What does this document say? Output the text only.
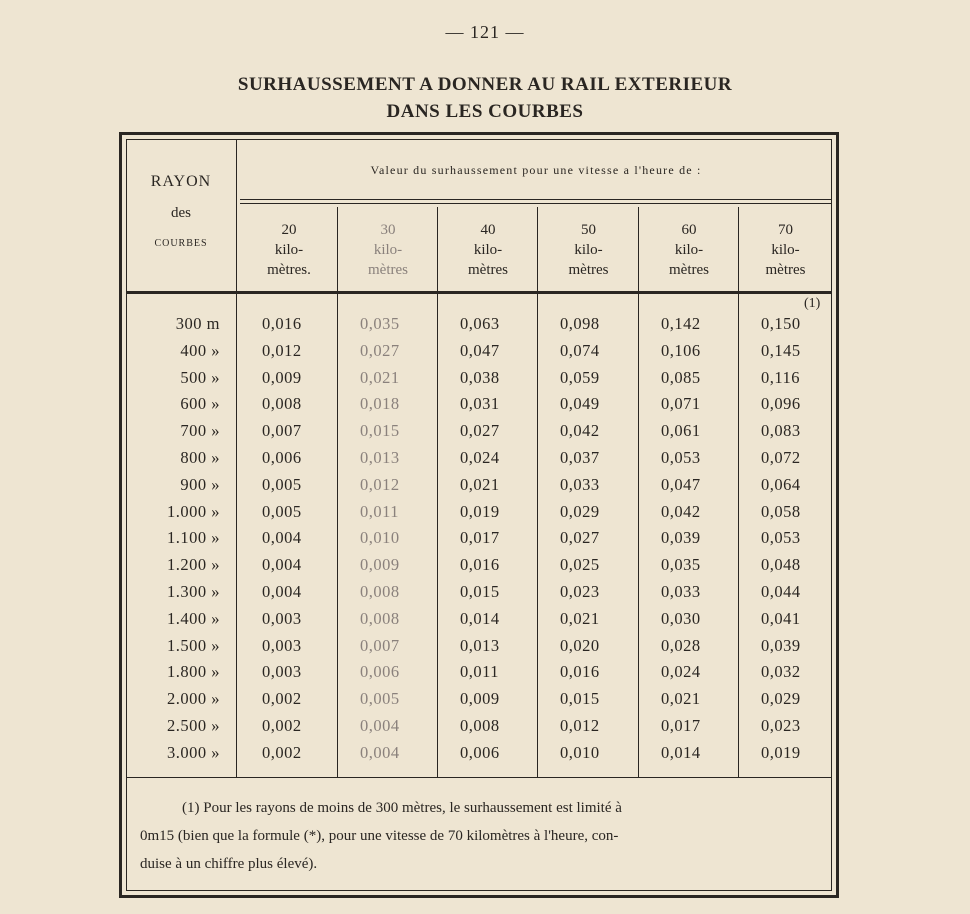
— 121 —
SURHAUSSEMENT A DONNER AU RAIL EXTERIEUR
DANS LES COURBES
RAYON
des
COURBES
Valeur du surhaussement pour une vitesse a l'heure de :
20
kilo-
mètres.
30
kilo-
mètres
40
kilo-
mètres
50
kilo-
mètres
60
kilo-
mètres
70
kilo-
mètres
(1)
300 m	0,016	0,035	0,063	0,098	0,142	0,150
400 »	0,012	0,027	0,047	0,074	0,106	0,145
500 »	0,009	0,021	0,038	0,059	0,085	0,116
600 »	0,008	0,018	0,031	0,049	0,071	0,096
700 »	0,007	0,015	0,027	0,042	0,061	0,083
800 »	0,006	0,013	0,024	0,037	0,053	0,072
900 »	0,005	0,012	0,021	0,033	0,047	0,064
1.000 »	0,005	0,011	0,019	0,029	0,042	0,058
1.100 »	0,004	0,010	0,017	0,027	0,039	0,053
1.200 »	0,004	0,009	0,016	0,025	0,035	0,048
1.300 »	0,004	0,008	0,015	0,023	0,033	0,044
1.400 »	0,003	0,008	0,014	0,021	0,030	0,041
1.500 »	0,003	0,007	0,013	0,020	0,028	0,039
1.800 »	0,003	0,006	0,011	0,016	0,024	0,032
2.000 »	0,002	0,005	0,009	0,015	0,021	0,029
2.500 »	0,002	0,004	0,008	0,012	0,017	0,023
3.000 »	0,002	0,004	0,006	0,010	0,014	0,019
(1) Pour les rayons de moins de 300 mètres, le surhaussement est limité à
0m15 (bien que la formule (*), pour une vitesse de 70 kilomètres à l'heure, con-
duise à un chiffre plus élevé).
